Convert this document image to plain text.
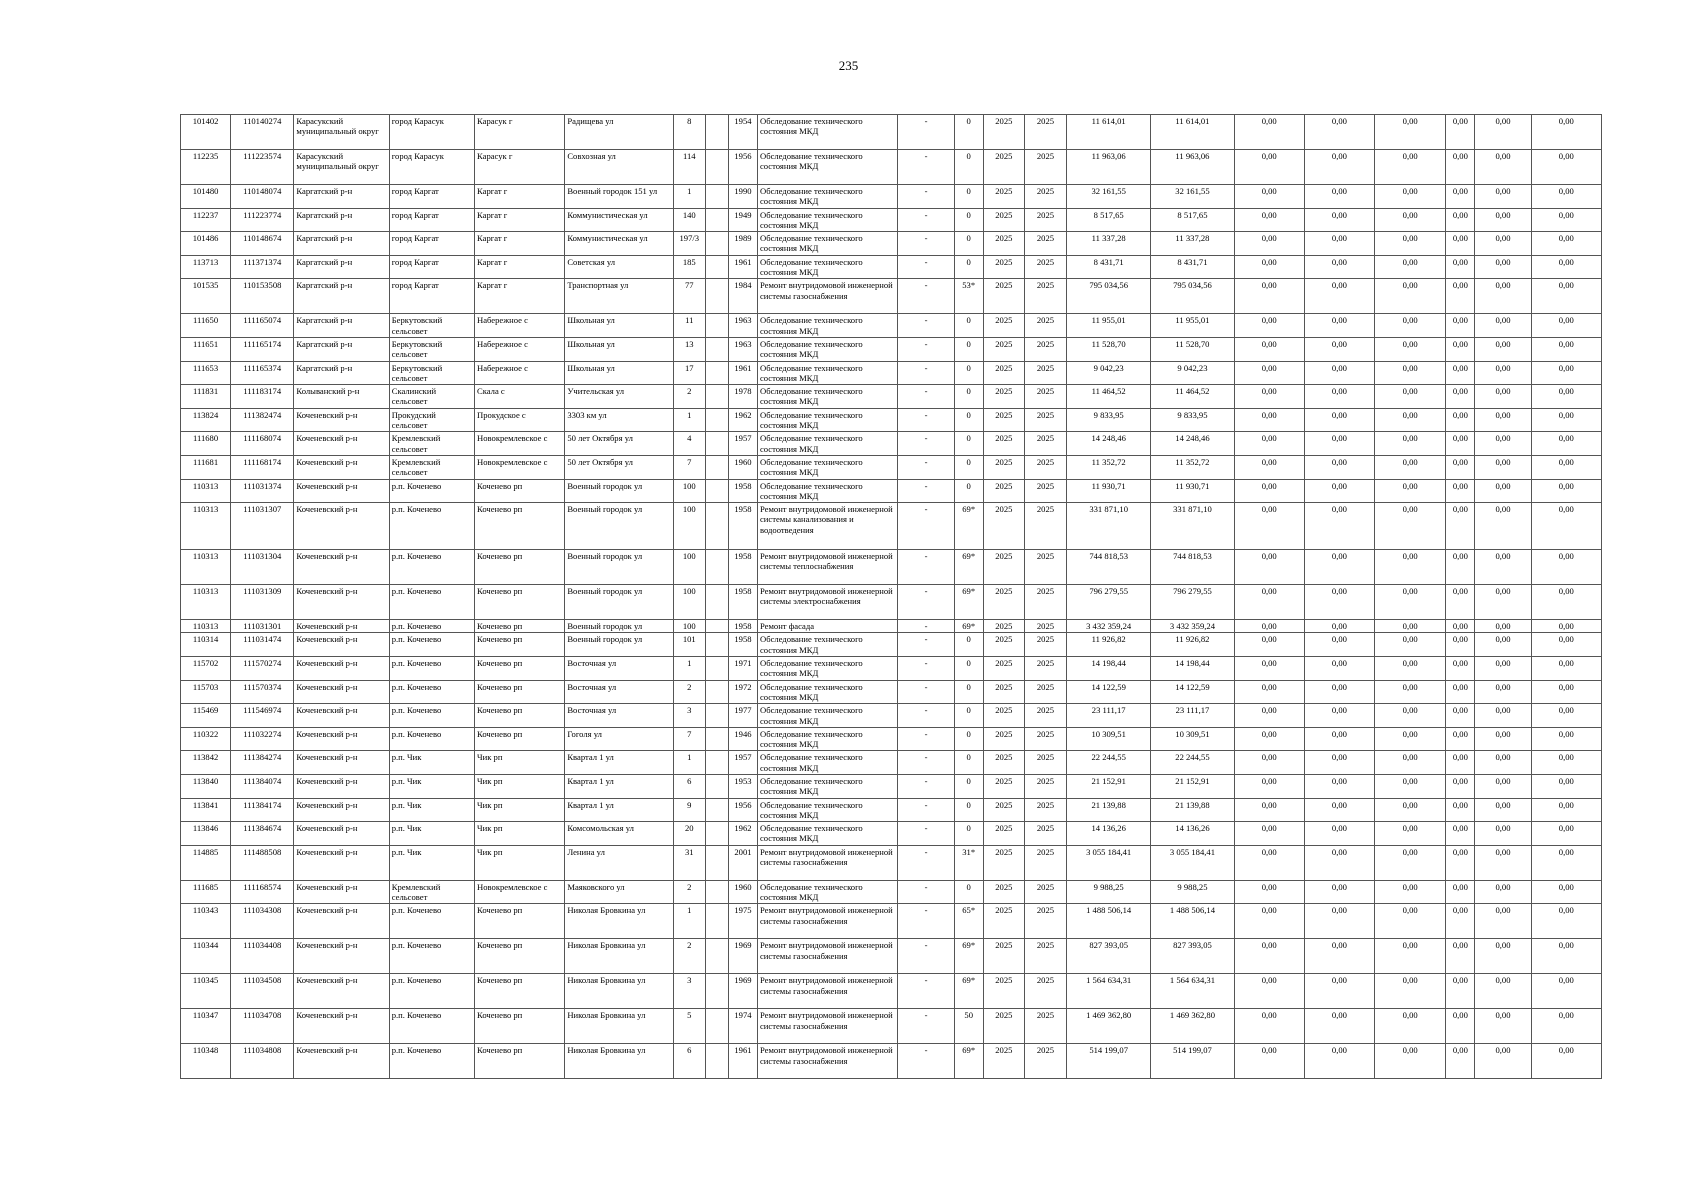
235
101402	110140274	Карасукский муниципальный округ	город Карасук	Карасук г	Радищева ул	8		1954	Обследование технического состояния МКД	-	0	2025	2025	11 614,01	11 614,01	0,00	0,00	0,00	0,00	0,00	0,00
112235	111223574	Карасукский муниципальный округ	город Карасук	Карасук г	Совхозная ул	114		1956	Обследование технического состояния МКД	-	0	2025	2025	11 963,06	11 963,06	0,00	0,00	0,00	0,00	0,00	0,00
101480	110148074	Каргатский р-н	город Каргат	Каргат г	Военный городок 151 ул	1		1990	Обследование технического состояния МКД	-	0	2025	2025	32 161,55	32 161,55	0,00	0,00	0,00	0,00	0,00	0,00
112237	111223774	Каргатский р-н	город Каргат	Каргат г	Коммунистическая ул	140		1949	Обследование технического состояния МКД	-	0	2025	2025	8 517,65	8 517,65	0,00	0,00	0,00	0,00	0,00	0,00
101486	110148674	Каргатский р-н	город Каргат	Каргат г	Коммунистическая ул	197/3		1989	Обследование технического состояния МКД	-	0	2025	2025	11 337,28	11 337,28	0,00	0,00	0,00	0,00	0,00	0,00
113713	111371374	Каргатский р-н	город Каргат	Каргат г	Советская ул	185		1961	Обследование технического состояния МКД	-	0	2025	2025	8 431,71	8 431,71	0,00	0,00	0,00	0,00	0,00	0,00
101535	110153508	Каргатский р-н	город Каргат	Каргат г	Транспортная ул	77		1984	Ремонт внутридомовой инженерной системы газоснабжения	-	53*	2025	2025	795 034,56	795 034,56	0,00	0,00	0,00	0,00	0,00	0,00
111650	111165074	Каргатский р-н	Беркутовский сельсовет	Набережное с	Школьная ул	11		1963	Обследование технического состояния МКД	-	0	2025	2025	11 955,01	11 955,01	0,00	0,00	0,00	0,00	0,00	0,00
111651	111165174	Каргатский р-н	Беркутовский сельсовет	Набережное с	Школьная ул	13		1963	Обследование технического состояния МКД	-	0	2025	2025	11 528,70	11 528,70	0,00	0,00	0,00	0,00	0,00	0,00
111653	111165374	Каргатский р-н	Беркутовский сельсовет	Набережное с	Школьная ул	17		1961	Обследование технического состояния МКД	-	0	2025	2025	9 042,23	9 042,23	0,00	0,00	0,00	0,00	0,00	0,00
111831	111183174	Колыванский р-н	Скалинский сельсовет	Скала с	Учительская ул	2		1978	Обследование технического состояния МКД	-	0	2025	2025	11 464,52	11 464,52	0,00	0,00	0,00	0,00	0,00	0,00
113824	111382474	Коченевский р-н	Прокудский сельсовет	Прокудское с	3303 км ул	1		1962	Обследование технического состояния МКД	-	0	2025	2025	9 833,95	9 833,95	0,00	0,00	0,00	0,00	0,00	0,00
111680	111168074	Коченевский р-н	Кремлевский сельсовет	Новокремлевское с	50 лет Октября ул	4		1957	Обследование технического состояния МКД	-	0	2025	2025	14 248,46	14 248,46	0,00	0,00	0,00	0,00	0,00	0,00
111681	111168174	Коченевский р-н	Кремлевский сельсовет	Новокремлевское с	50 лет Октября ул	7		1960	Обследование технического состояния МКД	-	0	2025	2025	11 352,72	11 352,72	0,00	0,00	0,00	0,00	0,00	0,00
110313	111031374	Коченевский р-н	р.п. Коченево	Коченево рп	Военный городок ул	100		1958	Обследование технического состояния МКД	-	0	2025	2025	11 930,71	11 930,71	0,00	0,00	0,00	0,00	0,00	0,00
110313	111031307	Коченевский р-н	р.п. Коченево	Коченево рп	Военный городок ул	100		1958	Ремонт внутридомовой инженерной системы канализования и водоотведения	-	69*	2025	2025	331 871,10	331 871,10	0,00	0,00	0,00	0,00	0,00	0,00
110313	111031304	Коченевский р-н	р.п. Коченево	Коченево рп	Военный городок ул	100		1958	Ремонт внутридомовой инженерной системы теплоснабжения	-	69*	2025	2025	744 818,53	744 818,53	0,00	0,00	0,00	0,00	0,00	0,00
110313	111031309	Коченевский р-н	р.п. Коченево	Коченево рп	Военный городок ул	100		1958	Ремонт внутридомовой инженерной системы электроснабжения	-	69*	2025	2025	796 279,55	796 279,55	0,00	0,00	0,00	0,00	0,00	0,00
110313	111031301	Коченевский р-н	р.п. Коченево	Коченево рп	Военный городок ул	100		1958	Ремонт фасада	-	69*	2025	2025	3 432 359,24	3 432 359,24	0,00	0,00	0,00	0,00	0,00	0,00
110314	111031474	Коченевский р-н	р.п. Коченево	Коченево рп	Военный городок ул	101		1958	Обследование технического состояния МКД	-	0	2025	2025	11 926,82	11 926,82	0,00	0,00	0,00	0,00	0,00	0,00
115702	111570274	Коченевский р-н	р.п. Коченево	Коченево рп	Восточная ул	1		1971	Обследование технического состояния МКД	-	0	2025	2025	14 198,44	14 198,44	0,00	0,00	0,00	0,00	0,00	0,00
115703	111570374	Коченевский р-н	р.п. Коченево	Коченево рп	Восточная ул	2		1972	Обследование технического состояния МКД	-	0	2025	2025	14 122,59	14 122,59	0,00	0,00	0,00	0,00	0,00	0,00
115469	111546974	Коченевский р-н	р.п. Коченево	Коченево рп	Восточная ул	3		1977	Обследование технического состояния МКД	-	0	2025	2025	23 111,17	23 111,17	0,00	0,00	0,00	0,00	0,00	0,00
110322	111032274	Коченевский р-н	р.п. Коченево	Коченево рп	Гоголя ул	7		1946	Обследование технического состояния МКД	-	0	2025	2025	10 309,51	10 309,51	0,00	0,00	0,00	0,00	0,00	0,00
113842	111384274	Коченевский р-н	р.п. Чик	Чик рп	Квартал 1 ул	1		1957	Обследование технического состояния МКД	-	0	2025	2025	22 244,55	22 244,55	0,00	0,00	0,00	0,00	0,00	0,00
113840	111384074	Коченевский р-н	р.п. Чик	Чик рп	Квартал 1 ул	6		1953	Обследование технического состояния МКД	-	0	2025	2025	21 152,91	21 152,91	0,00	0,00	0,00	0,00	0,00	0,00
113841	111384174	Коченевский р-н	р.п. Чик	Чик рп	Квартал 1 ул	9		1956	Обследование технического состояния МКД	-	0	2025	2025	21 139,88	21 139,88	0,00	0,00	0,00	0,00	0,00	0,00
113846	111384674	Коченевский р-н	р.п. Чик	Чик рп	Комсомольская ул	20		1962	Обследование технического состояния МКД	-	0	2025	2025	14 136,26	14 136,26	0,00	0,00	0,00	0,00	0,00	0,00
114885	111488508	Коченевский р-н	р.п. Чик	Чик рп	Ленина ул	31		2001	Ремонт внутридомовой инженерной системы газоснабжения	-	31*	2025	2025	3 055 184,41	3 055 184,41	0,00	0,00	0,00	0,00	0,00	0,00
111685	111168574	Коченевский р-н	Кремлевский сельсовет	Новокремлевское с	Маяковского ул	2		1960	Обследование технического состояния МКД	-	0	2025	2025	9 988,25	9 988,25	0,00	0,00	0,00	0,00	0,00	0,00
110343	111034308	Коченевский р-н	р.п. Коченево	Коченево рп	Николая Бровкина ул	1		1975	Ремонт внутридомовой инженерной системы газоснабжения	-	65*	2025	2025	1 488 506,14	1 488 506,14	0,00	0,00	0,00	0,00	0,00	0,00
110344	111034408	Коченевский р-н	р.п. Коченево	Коченево рп	Николая Бровкина ул	2		1969	Ремонт внутридомовой инженерной системы газоснабжения	-	69*	2025	2025	827 393,05	827 393,05	0,00	0,00	0,00	0,00	0,00	0,00
110345	111034508	Коченевский р-н	р.п. Коченево	Коченево рп	Николая Бровкина ул	3		1969	Ремонт внутридомовой инженерной системы газоснабжения	-	69*	2025	2025	1 564 634,31	1 564 634,31	0,00	0,00	0,00	0,00	0,00	0,00
110347	111034708	Коченевский р-н	р.п. Коченево	Коченево рп	Николая Бровкина ул	5		1974	Ремонт внутридомовой инженерной системы газоснабжения	-	50	2025	2025	1 469 362,80	1 469 362,80	0,00	0,00	0,00	0,00	0,00	0,00
110348	111034808	Коченевский р-н	р.п. Коченево	Коченево рп	Николая Бровкина ул	6		1961	Ремонт внутридомовой инженерной системы газоснабжения	-	69*	2025	2025	514 199,07	514 199,07	0,00	0,00	0,00	0,00	0,00	0,00
